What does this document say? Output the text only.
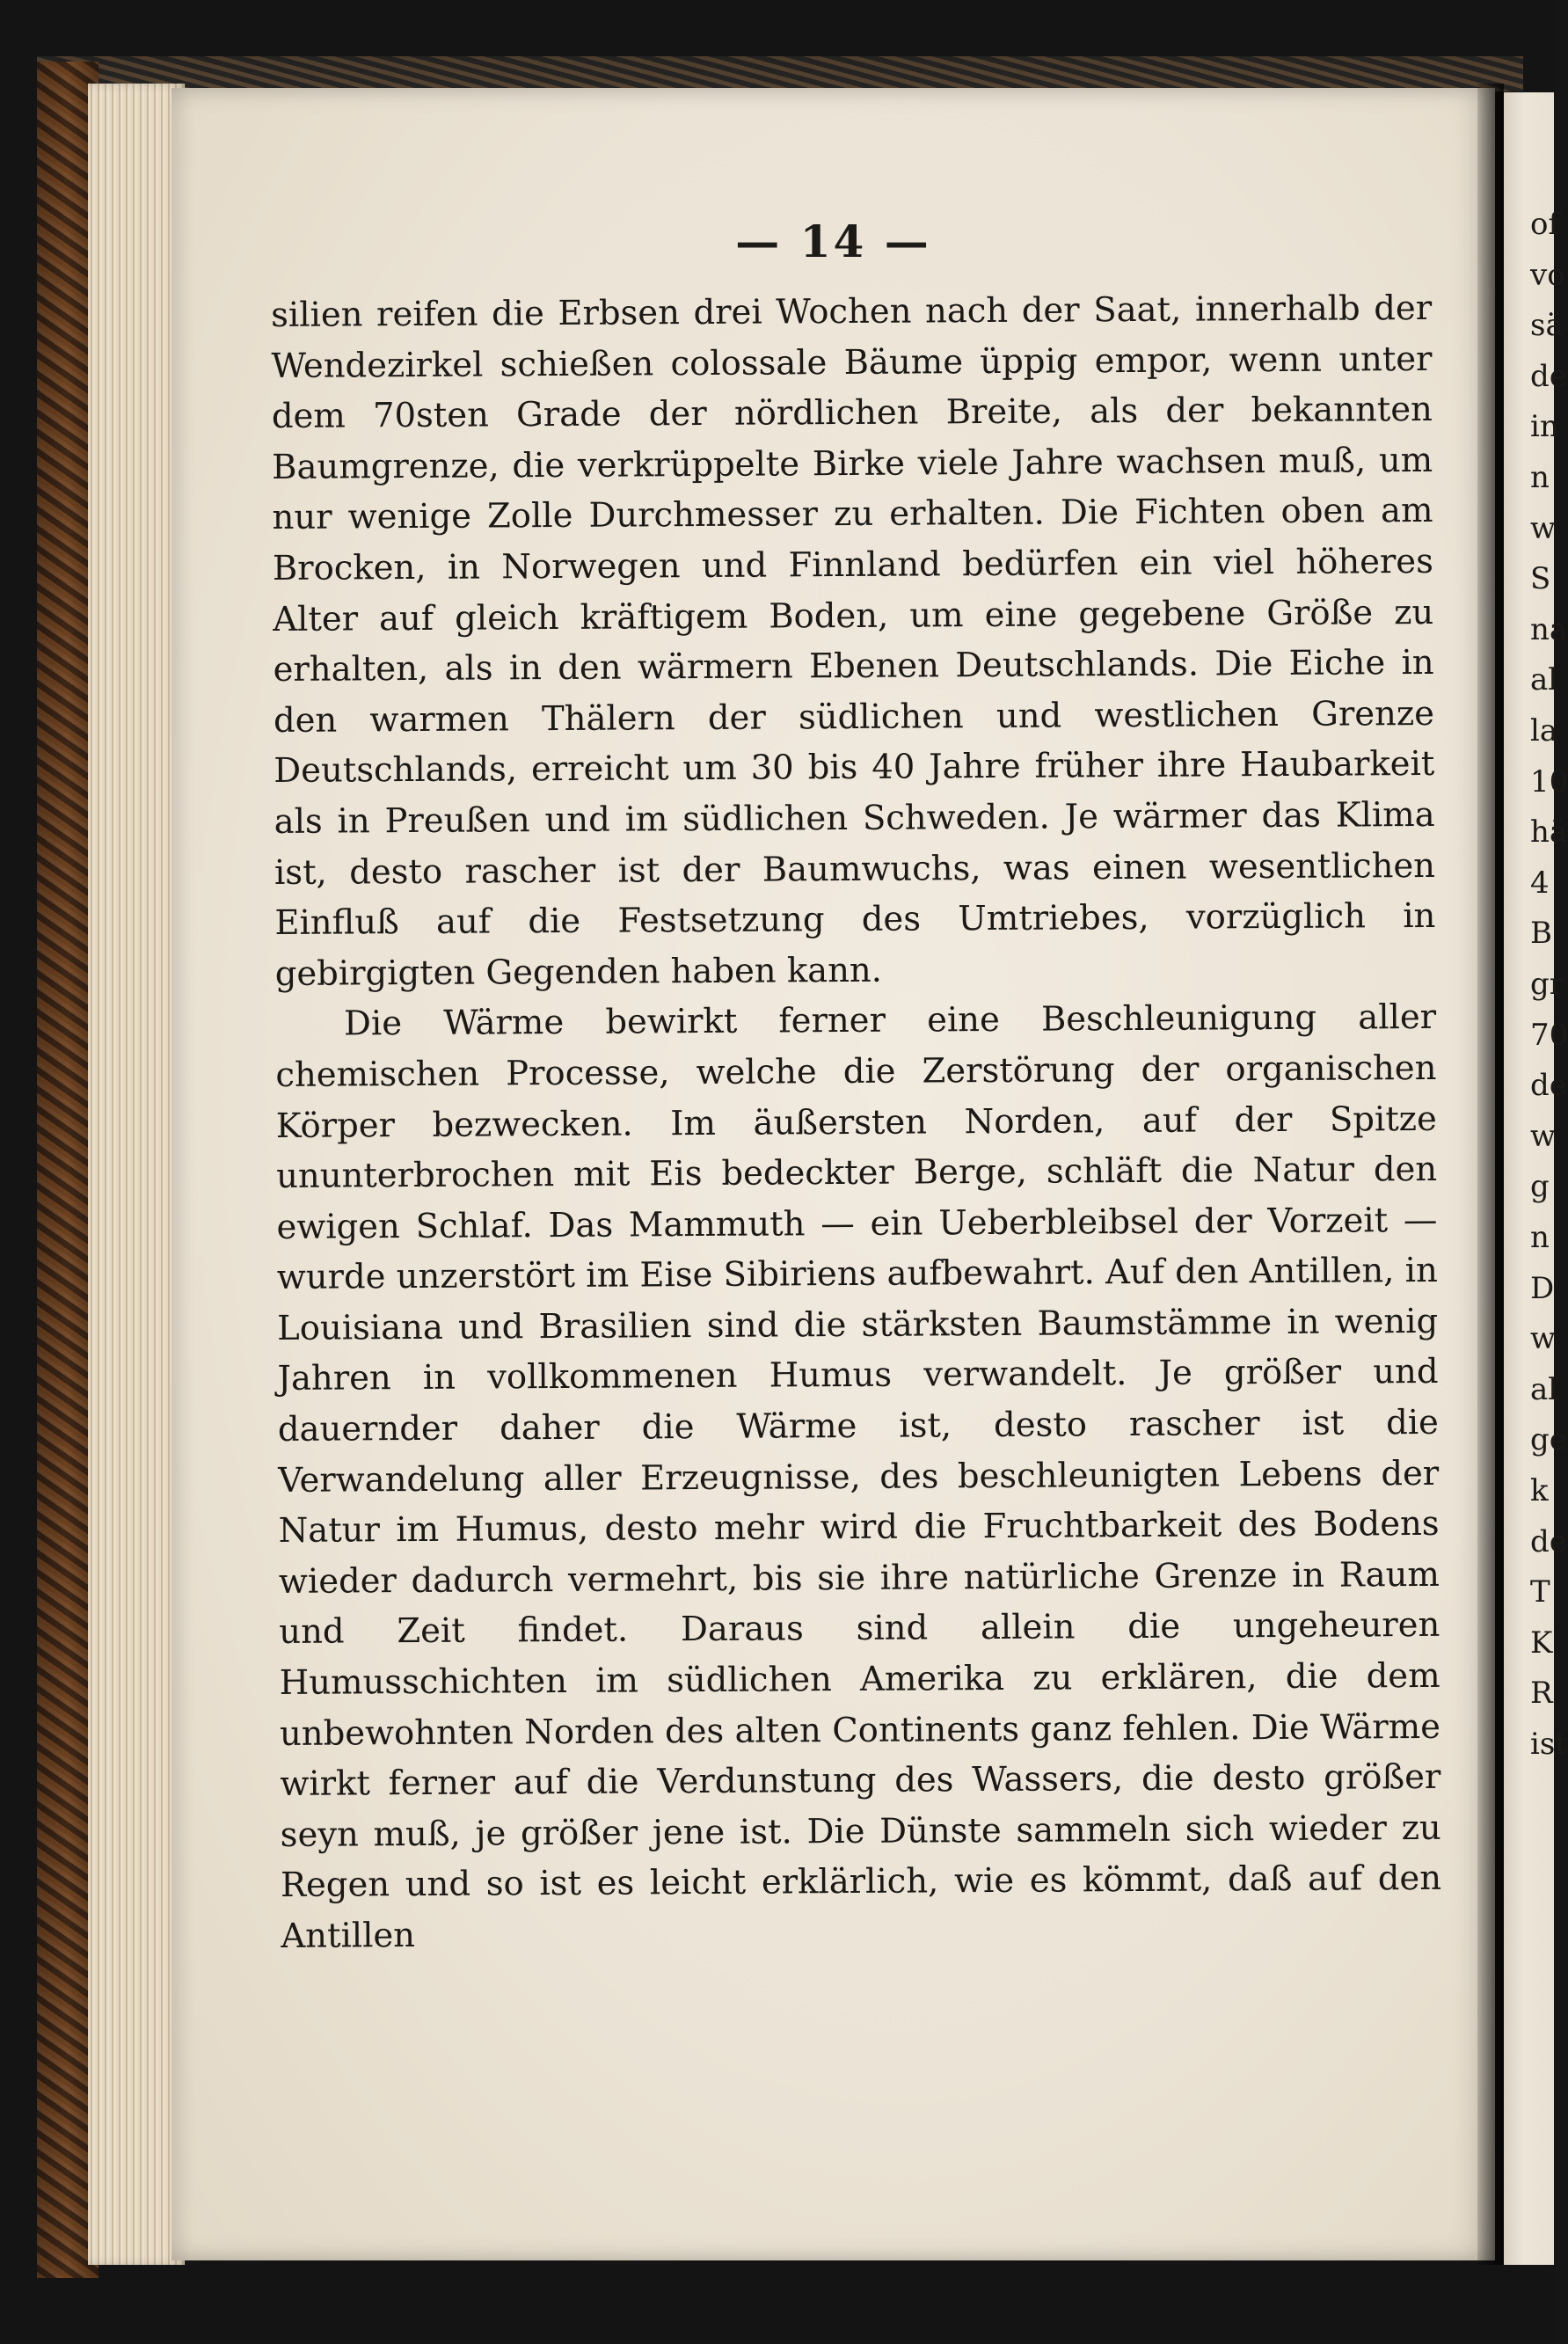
— 14 —

silien reifen die Erbsen drei Wochen nach der Saat, innerhalb der Wendezirkel schießen colossale Bäume üppig empor, wenn unter dem 70sten Grade der nördlichen Breite, als der bekannten Baumgrenze, die verkrüppelte Birke viele Jahre wachsen muß, um nur wenige Zolle Durchmesser zu erhalten. Die Fichten oben am Brocken, in Norwegen und Finnland bedürfen ein viel höheres Alter auf gleich kräftigem Boden, um eine gegebene Größe zu erhalten, als in den wärmern Ebenen Deutschlands. Die Eiche in den warmen Thälern der südlichen und westlichen Grenze Deutschlands, erreicht um 30 bis 40 Jahre früher ihre Haubarkeit als in Preußen und im südlichen Schweden. Je wärmer das Klima ist, desto rascher ist der Baumwuchs, was einen wesentlichen Einfluß auf die Festsetzung des Umtriebes, vorzüglich in gebirgigten Gegenden haben kann.

Die Wärme bewirkt ferner eine Beschleunigung aller chemischen Processe, welche die Zerstörung der organischen Körper bezwecken. Im äußersten Norden, auf der Spitze ununterbrochen mit Eis bedeckter Berge, schläft die Natur den ewigen Schlaf. Das Mammuth — ein Ueberbleibsel der Vorzeit — wurde unzerstört im Eise Sibiriens aufbewahrt. Auf den Antillen, in Louisiana und Brasilien sind die stärksten Baumstämme in wenig Jahren in vollkommenen Humus verwandelt. Je größer und dauernder daher die Wärme ist, desto rascher ist die Verwandelung aller Erzeugnisse, des beschleunigten Lebens der Natur im Humus, desto mehr wird die Fruchtbarkeit des Bodens wieder dadurch vermehrt, bis sie ihre natürliche Grenze in Raum und Zeit findet. Daraus sind allein die ungeheuren Humusschichten im südlichen Amerika zu erklären, die dem unbewohnten Norden des alten Continents ganz fehlen. Die Wärme wirkt ferner auf die Verdunstung des Wassers, die desto größer seyn muß, je größer jene ist. Die Dünste sammeln sich wieder zu Regen und so ist es leicht erklärlich, wie es kömmt, daß auf den Antillen

of
vo
sä
de
in
n
w
S
na
al
la
10
hä
4
B
gr
70
de
w
g
n
D
w
al
ge
k
de
T
K
R
ist
